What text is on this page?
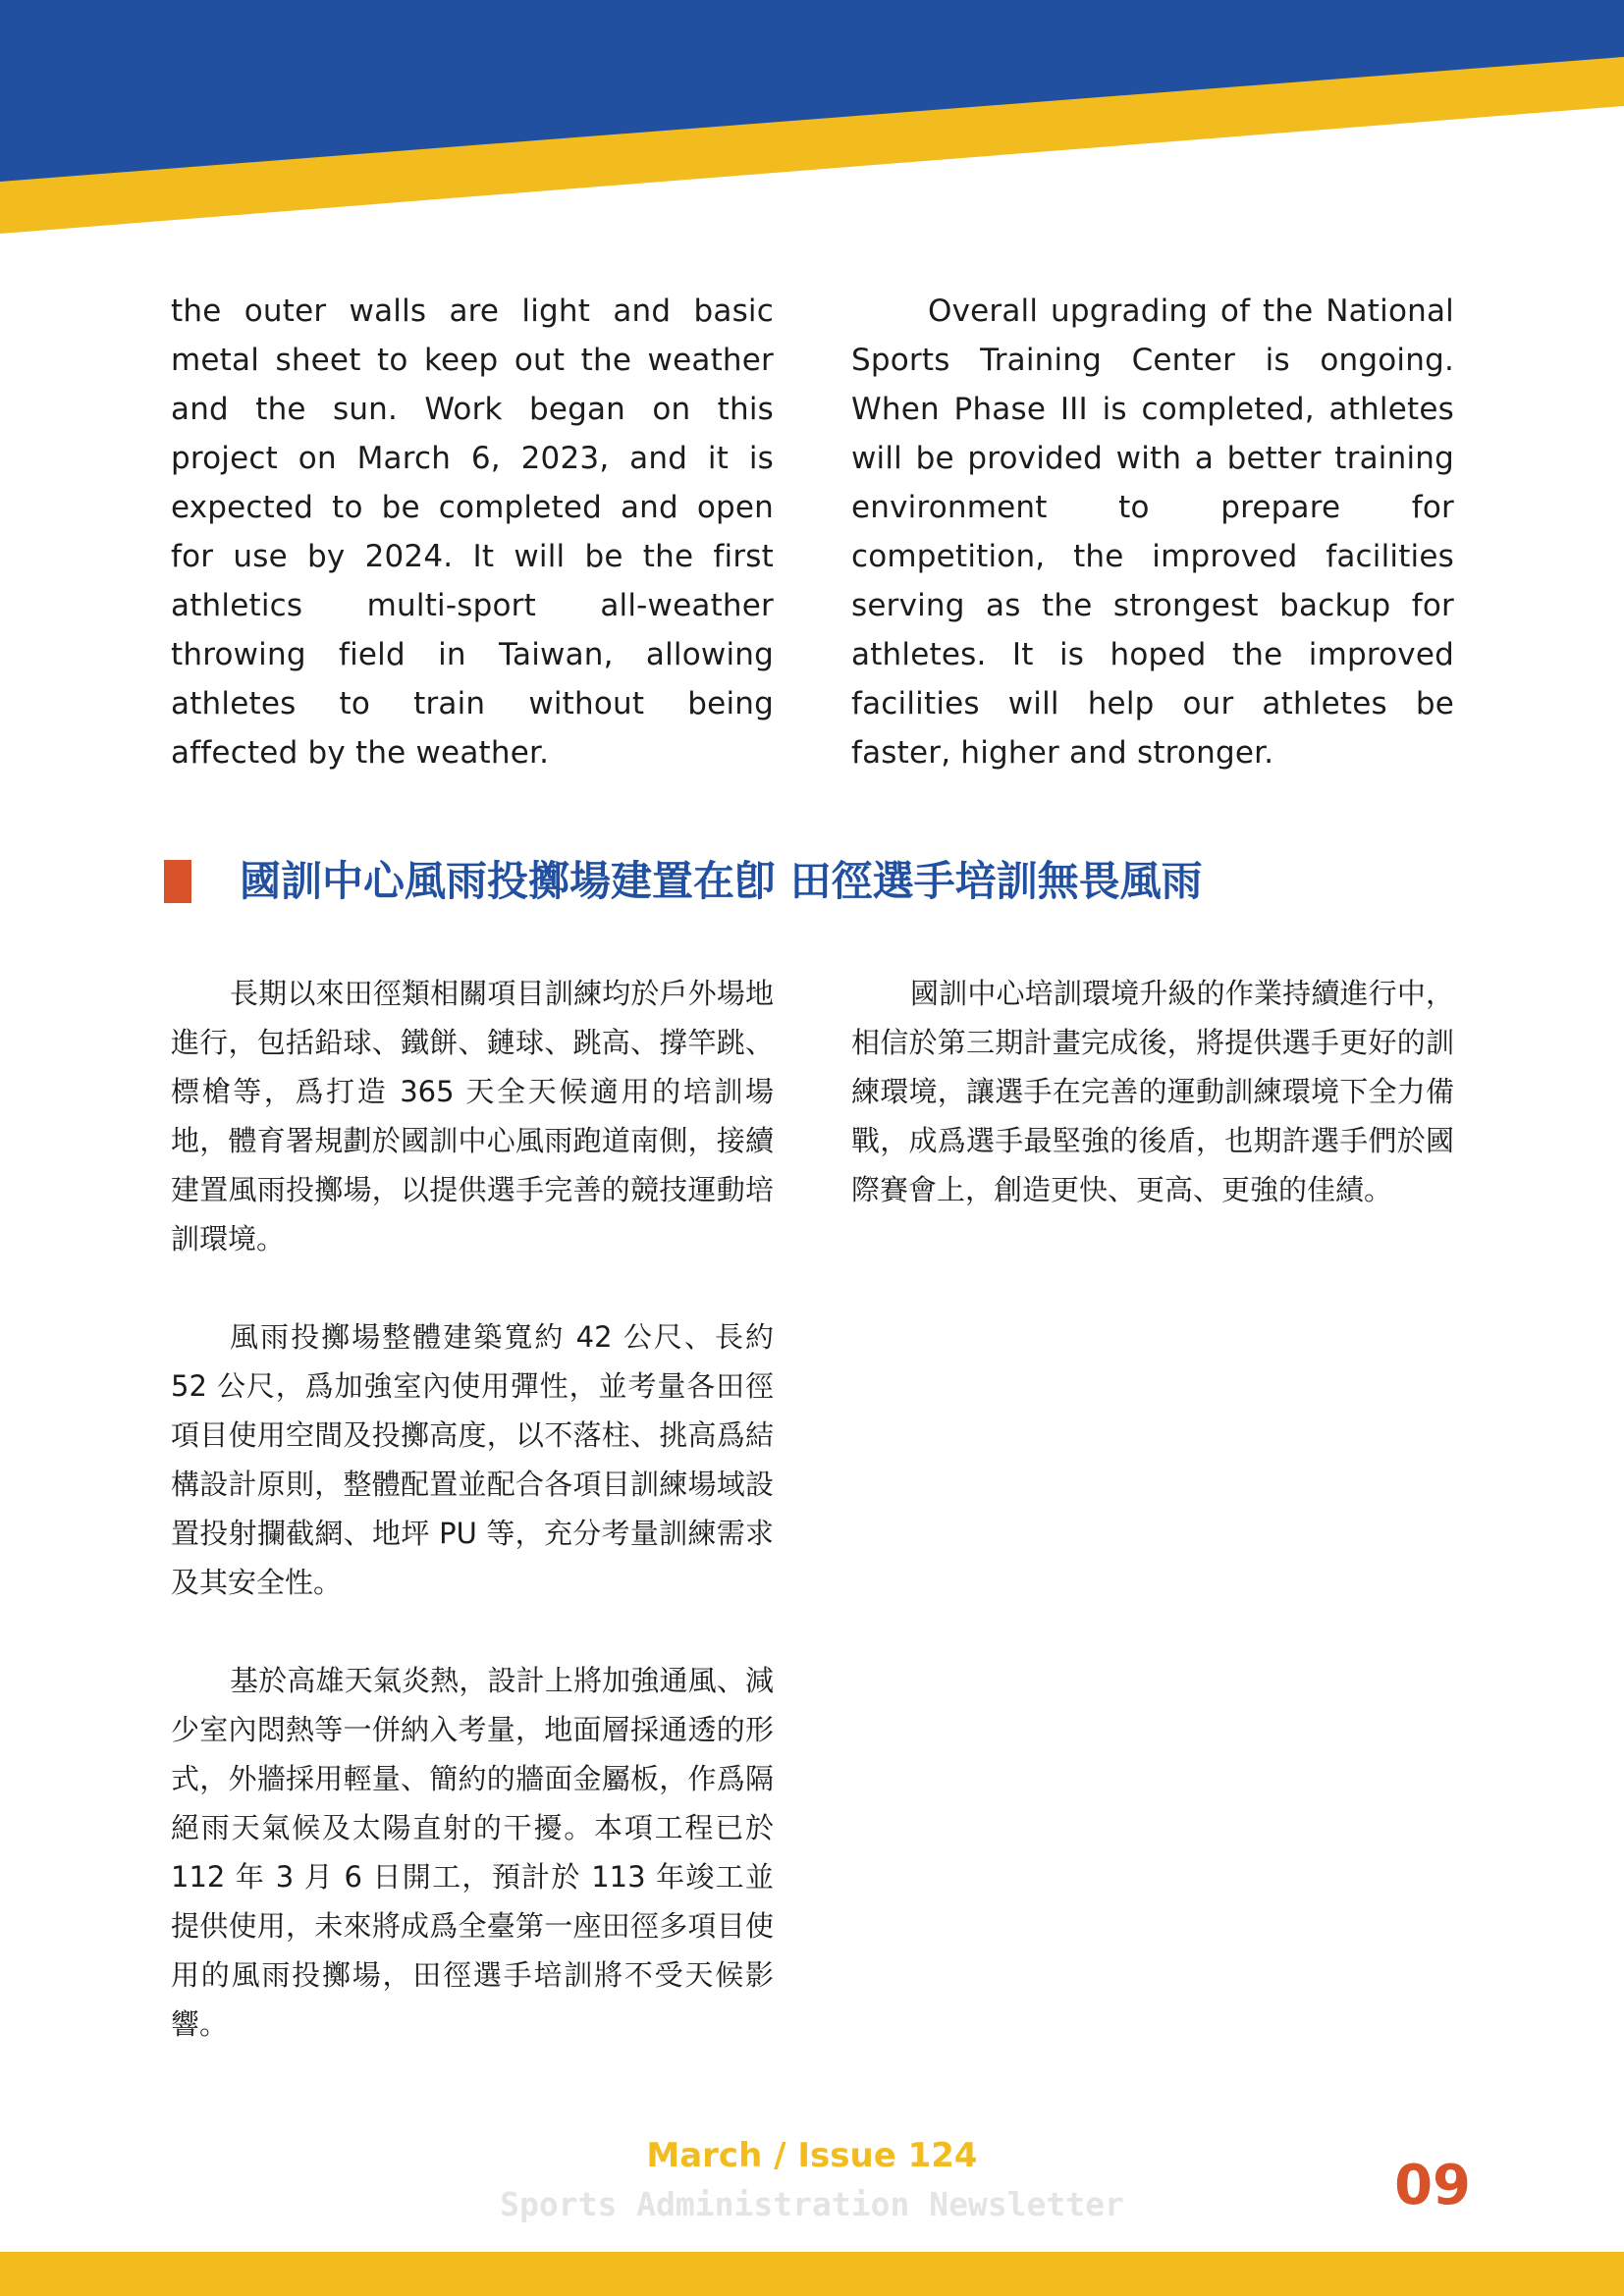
the outer walls are light and basic metal sheet to keep out the weather and the sun. Work began on this project on March 6, 2023, and it is expected to be completed and open for use by 2024. It will be the first athletics multi-sport all-weather throwing field in Taiwan, allowing athletes to train without being affected by the weather.

Overall upgrading of the National Sports Training Center is ongoing. When Phase III is completed, athletes will be provided with a better training environment to prepare for competition, the improved facilities serving as the strongest backup for athletes. It is hoped the improved facilities will help our athletes be faster, higher and stronger.

國訓中心風雨投擲場建置在卽 田徑選手培訓無畏風雨

長期以來田徑類相關項目訓練均於戶外場地進行，包括鉛球、鐵餅、鏈球、跳高、撐竿跳、標槍等，爲打造 365 天全天候適用的培訓場地，體育署規劃於國訓中心風雨跑道南側，接續建置風雨投擲場，以提供選手完善的競技運動培訓環境。

風雨投擲場整體建築寬約 42 公尺、長約 52 公尺，爲加強室內使用彈性，並考量各田徑項目使用空間及投擲高度，以不落柱、挑高爲結構設計原則，整體配置並配合各項目訓練場域設置投射攔截網、地坪 PU 等，充分考量訓練需求及其安全性。

基於高雄天氣炎熱，設計上將加強通風、減少室內悶熱等一併納入考量，地面層採通透的形式，外牆採用輕量、簡約的牆面金屬板，作爲隔絕雨天氣候及太陽直射的干擾。本項工程已於 112 年 3 月 6 日開工，預計於 113 年竣工並提供使用，未來將成爲全臺第一座田徑多項目使用的風雨投擲場，田徑選手培訓將不受天候影響。

國訓中心培訓環境升級的作業持續進行中，相信於第三期計畫完成後，將提供選手更好的訓練環境，讓選手在完善的運動訓練環境下全力備戰，成爲選手最堅強的後盾，也期許選手們於國際賽會上，創造更快、更高、更強的佳績。

March / Issue 124

Sports Administration Newsletter	09
